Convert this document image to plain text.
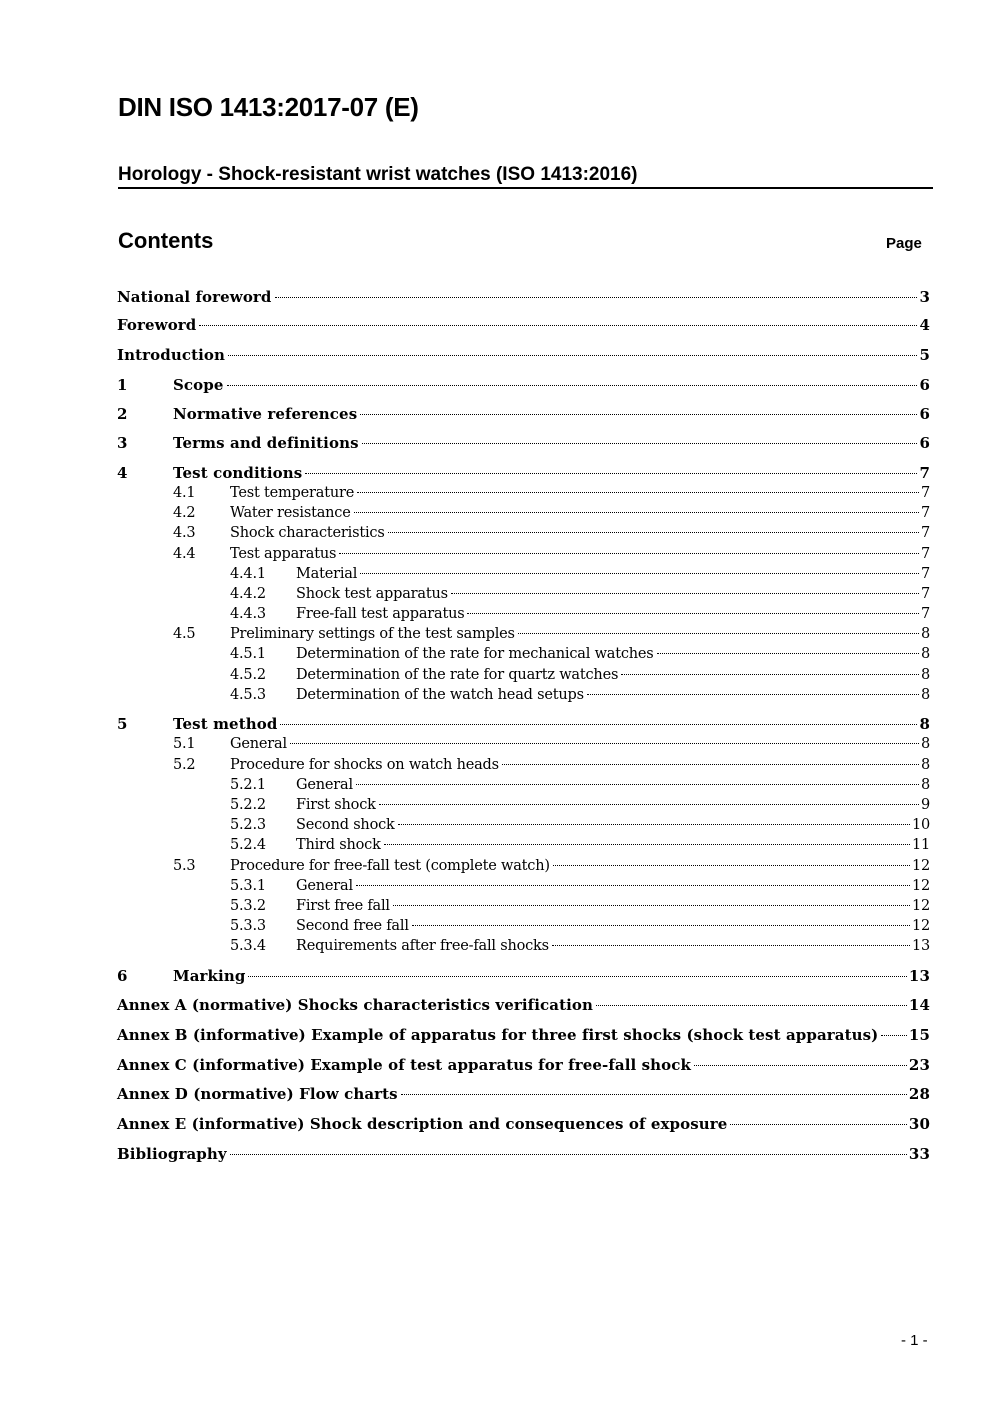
DIN ISO 1413:2017-07 (E)
Horology - Shock-resistant wrist watches (ISO 1413:2016)
Contents	Page
National foreword	3
Foreword	4
Introduction	5
1	Scope	6
2	Normative references	6
3	Terms and definitions	6
4	Test conditions	7
4.1 Test temperature	7
4.2 Water resistance	7
4.3 Shock characteristics	7
4.4 Test apparatus	7
4.4.1 Material	7
4.4.2 Shock test apparatus	7
4.4.3 Free-fall test apparatus	7
4.5 Preliminary settings of the test samples	8
4.5.1 Determination of the rate for mechanical watches	8
4.5.2 Determination of the rate for quartz watches	8
4.5.3 Determination of the watch head setups	8
5	Test method	8
5.1 General	8
5.2 Procedure for shocks on watch heads	8
5.2.1 General	8
5.2.2 First shock	9
5.2.3 Second shock	10
5.2.4 Third shock	11
5.3 Procedure for free-fall test (complete watch)	12
5.3.1 General	12
5.3.2 First free fall	12
5.3.3 Second free fall	12
5.3.4 Requirements after free-fall shocks	13
6	Marking	13
Annex A (normative) Shocks characteristics verification	14
Annex B (informative) Example of apparatus for three first shocks (shock test apparatus) 15
Annex C (informative) Example of test apparatus for free-fall shock	23
Annex D (normative) Flow charts	28
Annex E (informative) Shock description and consequences of exposure	30
Bibliography	33
- 1 -
